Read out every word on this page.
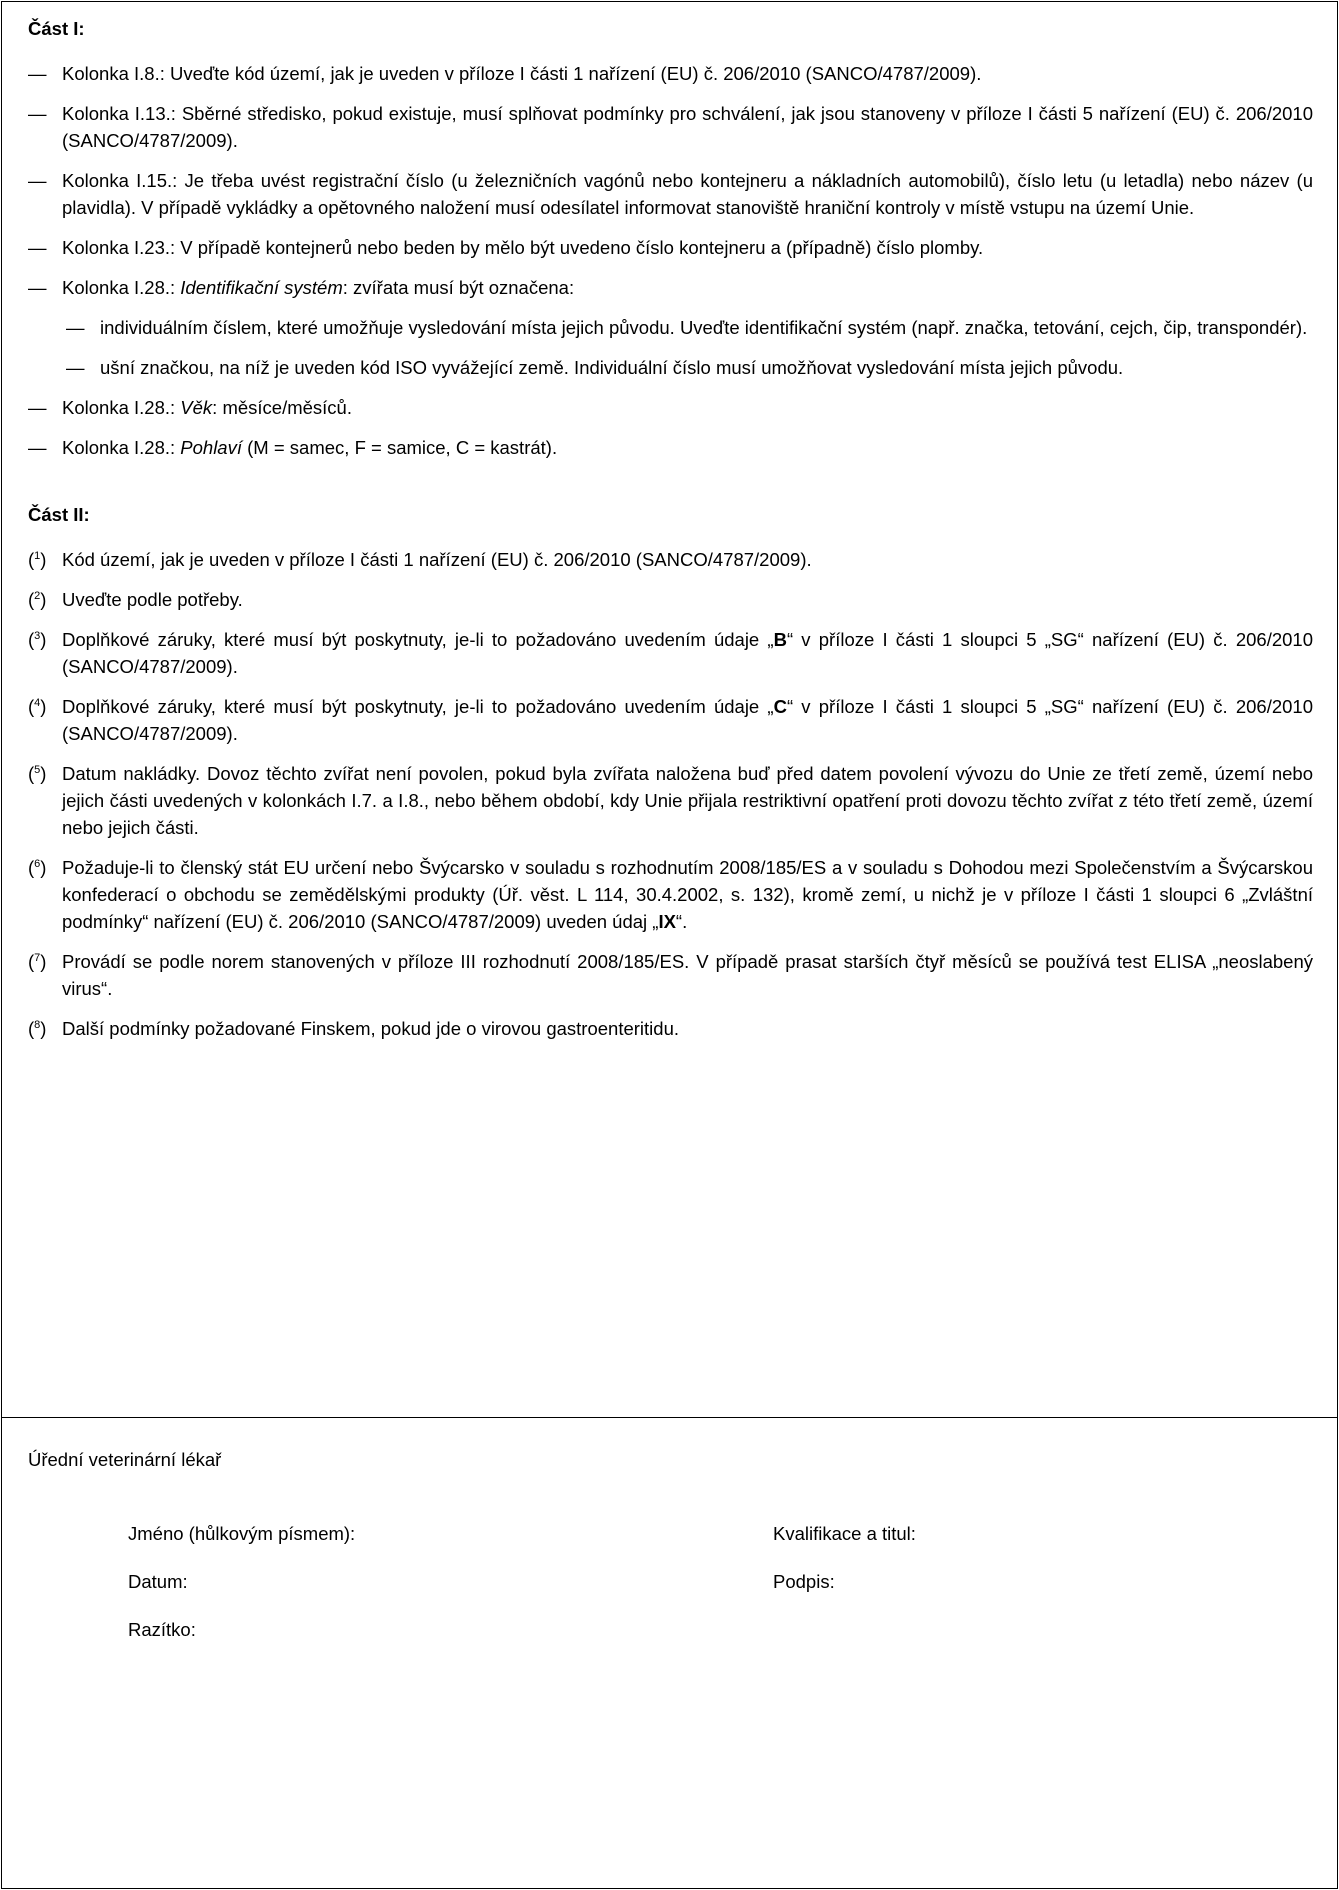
Část I:
— Kolonka I.8.: Uveďte kód území, jak je uveden v příloze I části 1 nařízení (EU) č. 206/2010 (SANCO/4787/2009).
— Kolonka I.13.: Sběrné středisko, pokud existuje, musí splňovat podmínky pro schválení, jak jsou stanoveny v příloze I části 5 nařízení (EU) č. 206/2010 (SANCO/4787/2009).
— Kolonka I.15.: Je třeba uvést registrační číslo (u železničních vagónů nebo kontejneru a nákladních automobilů), číslo letu (u letadla) nebo název (u plavidla). V případě vykládky a opětovného naložení musí odesílatel informovat stanoviště hraniční kontroly v místě vstupu na území Unie.
— Kolonka I.23.: V případě kontejnerů nebo beden by mělo být uvedeno číslo kontejneru a (případně) číslo plomby.
— Kolonka I.28.: Identifikační systém: zvířata musí být označena:
— individuálním číslem, které umožňuje vysledování místa jejich původu. Uveďte identifikační systém (např. značka, tetování, cejch, čip, transpondér).
— ušní značkou, na níž je uveden kód ISO vyvážející země. Individuální číslo musí umožňovat vysledování místa jejich původu.
— Kolonka I.28.: Věk: měsíce/měsíců.
— Kolonka I.28.: Pohlaví (M = samec, F = samice, C = kastrát).
Část II:
($^1$) Kód území, jak je uveden v příloze I části 1 nařízení (EU) č. 206/2010 (SANCO/4787/2009).
($^2$) Uveďte podle potřeby.
($^3$) Doplňkové záruky, které musí být poskytnuty, je-li to požadováno uvedením údaje „B“ v příloze I části 1 sloupci 5 „SG“ nařízení (EU) č. 206/2010 (SANCO/4787/2009).
($^4$) Doplňkové záruky, které musí být poskytnuty, je-li to požadováno uvedením údaje „C“ v příloze I části 1 sloupci 5 „SG“ nařízení (EU) č. 206/2010 (SANCO/4787/2009).
($^5$) Datum nakládky. Dovoz těchto zvířat není povolen, pokud byla zvířata naložena buď před datem povolení vývozu do Unie ze třetí země, území nebo jejich části uvedených v kolonkách I.7. a I.8., nebo během období, kdy Unie přijala restriktivní opatření proti dovozu těchto zvířat z této třetí země, území nebo jejich části.
($^6$) Požaduje-li to členský stát EU určení nebo Švýcarsko v souladu s rozhodnutím 2008/185/ES a v souladu s Dohodou mezi Společenstvím a Švýcarskou konfederací o obchodu se zemědělskými produkty (Úř. věst. L 114, 30.4.2002, s. 132), kromě zemí, u nichž je v příloze I části 1 sloupci 6 „Zvláštní podmínky“ nařízení (EU) č. 206/2010 (SANCO/4787/2009) uveden údaj „IX“.
($^7$) Provádí se podle norem stanovených v příloze III rozhodnutí 2008/185/ES. V případě prasat starších čtyř měsíců se používá test ELISA „neoslabený virus“.
($^8$) Další podmínky požadované Finskem, pokud jde o virovou gastroenteritidu.
Úřední veterinární lékař
Jméno (hůlkovým písmem):	Kvalifikace a titul:
Datum:	Podpis:
Razítko:
